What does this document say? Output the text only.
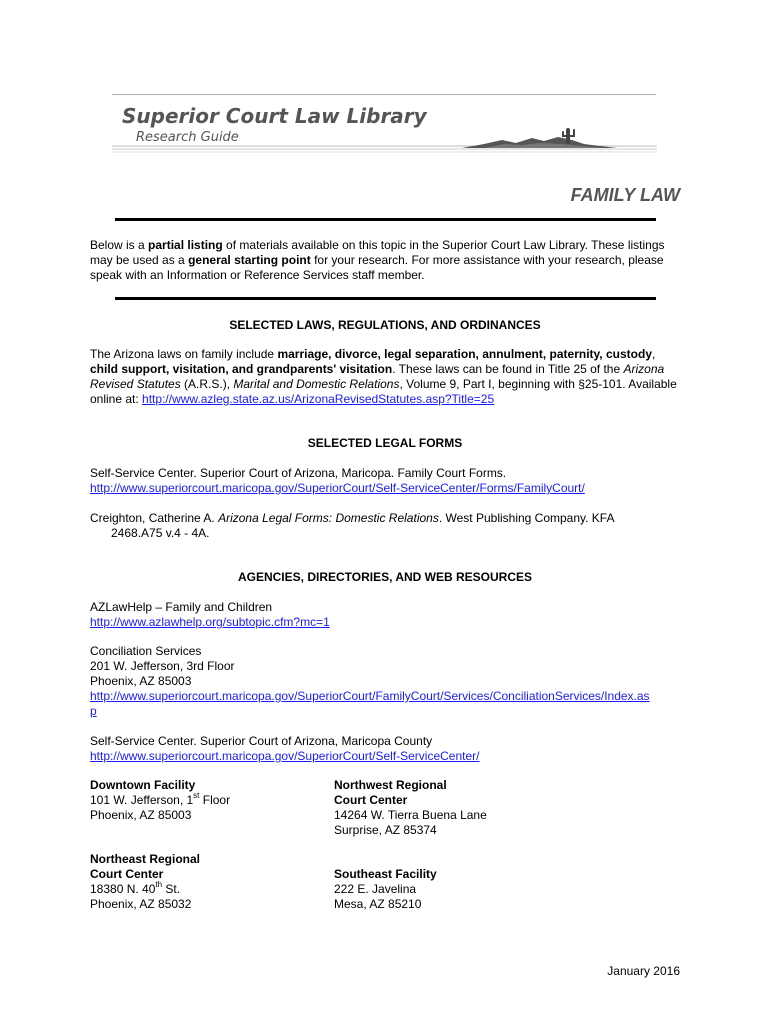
Superior Court Law Library
Research Guide
FAMILY LAW
Below is a partial listing of materials available on this topic in the Superior Court Law Library. These listings may be used as a general starting point for your research. For more assistance with your research, please speak with an Information or Reference Services staff member.
SELECTED LAWS, REGULATIONS, AND ORDINANCES
The Arizona laws on family include marriage, divorce, legal separation, annulment, paternity, custody, child support, visitation, and grandparents' visitation. These laws can be found in Title 25 of the Arizona Revised Statutes (A.R.S.), Marital and Domestic Relations, Volume 9, Part I, beginning with §25-101. Available online at: http://www.azleg.state.az.us/ArizonaRevisedStatutes.asp?Title=25
SELECTED LEGAL FORMS
Self-Service Center. Superior Court of Arizona, Maricopa. Family Court Forms.
http://www.superiorcourt.maricopa.gov/SuperiorCourt/Self-ServiceCenter/Forms/FamilyCourt/
Creighton, Catherine A. Arizona Legal Forms: Domestic Relations. West Publishing Company. KFA
2468.A75 v.4 - 4A.
AGENCIES, DIRECTORIES, AND WEB RESOURCES
AZLawHelp – Family and Children
http://www.azlawhelp.org/subtopic.cfm?mc=1
Conciliation Services
201 W. Jefferson, 3rd Floor
Phoenix, AZ 85003
http://www.superiorcourt.maricopa.gov/SuperiorCourt/FamilyCourt/Services/ConciliationServices/Index.as
p
Self-Service Center. Superior Court of Arizona, Maricopa County
http://www.superiorcourt.maricopa.gov/SuperiorCourt/Self-ServiceCenter/
Downtown Facility
101 W. Jefferson, 1st Floor
Phoenix, AZ 85003
Northwest Regional
Court Center
14264 W. Tierra Buena Lane
Surprise, AZ 85374
Northeast Regional
Court Center
18380 N. 40th St.
Phoenix, AZ 85032
Southeast Facility
222 E. Javelina
Mesa, AZ 85210
January 2016
